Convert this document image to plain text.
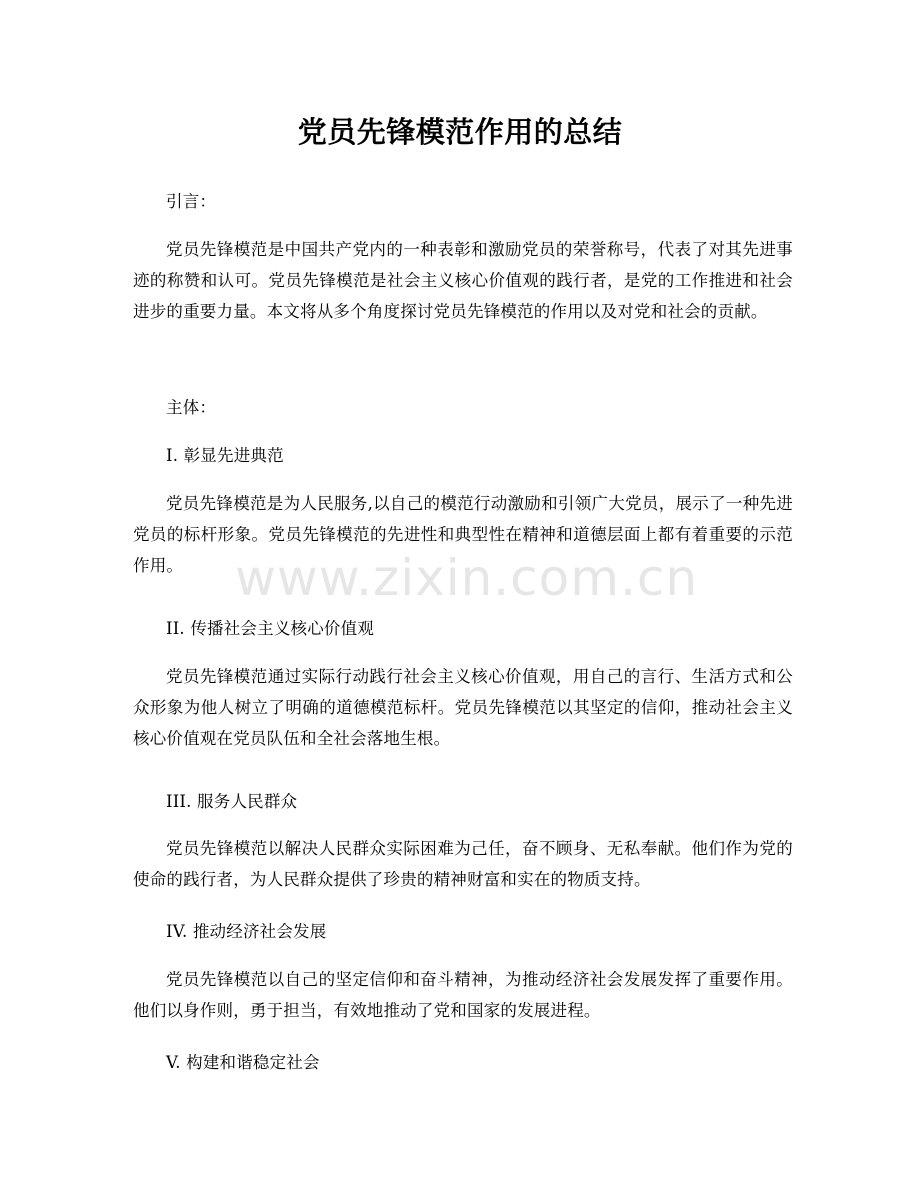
党员先锋模范作用的总结
引言：
党员先锋模范是中国共产党内的一种表彰和激励党员的荣誉称号，代表了对其先进事迹的称赞和认可。党员先锋模范是社会主义核心价值观的践行者，是党的工作推进和社会进步的重要力量。本文将从多个角度探讨党员先锋模范的作用以及对党和社会的贡献。
主体：
I. 彰显先进典范
党员先锋模范是为人民服务,以自己的模范行动激励和引领广大党员，展示了一种先进党员的标杆形象。党员先锋模范的先进性和典型性在精神和道德层面上都有着重要的示范作用。
II. 传播社会主义核心价值观
党员先锋模范通过实际行动践行社会主义核心价值观，用自己的言行、生活方式和公众形象为他人树立了明确的道德模范标杆。党员先锋模范以其坚定的信仰，推动社会主义核心价值观在党员队伍和全社会落地生根。
III. 服务人民群众
党员先锋模范以解决人民群众实际困难为己任，奋不顾身、无私奉献。他们作为党的使命的践行者，为人民群众提供了珍贵的精神财富和实在的物质支持。
IV. 推动经济社会发展
党员先锋模范以自己的坚定信仰和奋斗精神，为推动经济社会发展发挥了重要作用。他们以身作则，勇于担当，有效地推动了党和国家的发展进程。
V. 构建和谐稳定社会
www.zixin.com.cn
